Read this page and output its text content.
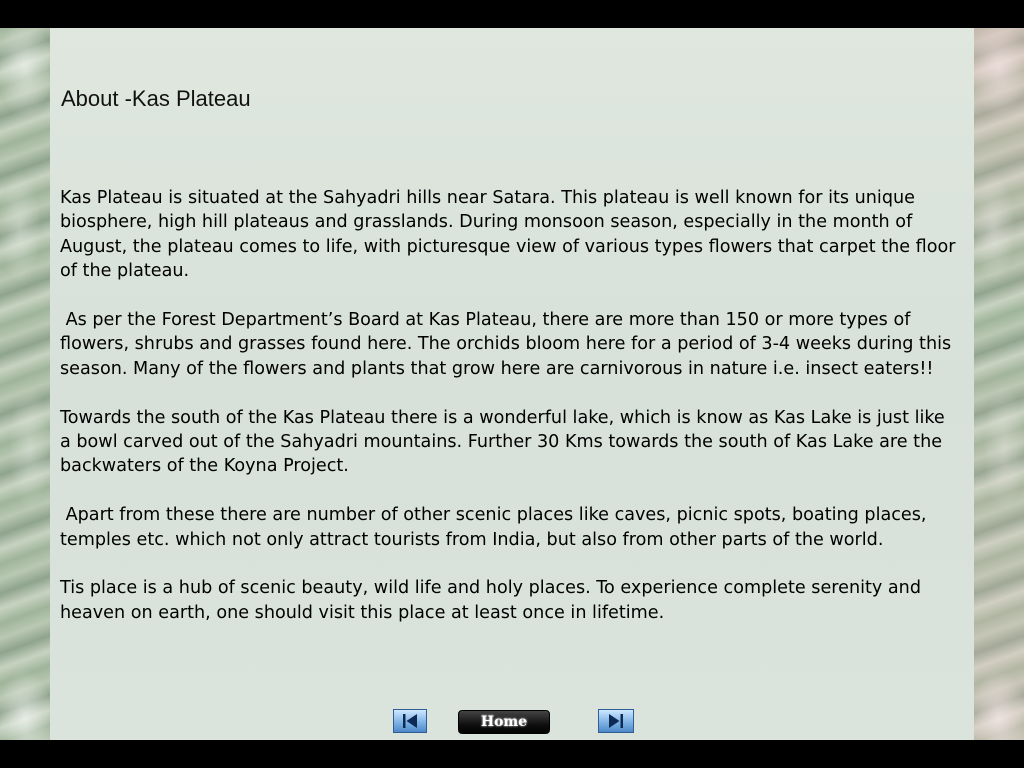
About -Kas Plateau

Kas Plateau is situated at the Sahyadri hills near Satara. This plateau is well known for its unique biosphere, high hill plateaus and grasslands. During monsoon season, especially in the month of August, the plateau comes to life, with picturesque view of various types flowers that carpet the floor of the plateau.

As per the Forest Department’s Board at Kas Plateau, there are more than 150 or more types of flowers, shrubs and grasses found here. The orchids bloom here for a period of 3-4 weeks during this season. Many of the flowers and plants that grow here are carnivorous in nature i.e. insect eaters!!

Towards the south of the Kas Plateau there is a wonderful lake, which is know as Kas Lake is just like a bowl carved out of the Sahyadri mountains. Further 30 Kms towards the south of Kas Lake are the backwaters of the Koyna Project.

Apart from these there are number of other scenic places like caves, picnic spots, boating places, temples etc. which not only attract tourists from India, but also from other parts of the world.

Tis place is a hub of scenic beauty, wild life and holy places. To experience complete serenity and heaven on earth, one should visit this place at least once in lifetime.

Home
